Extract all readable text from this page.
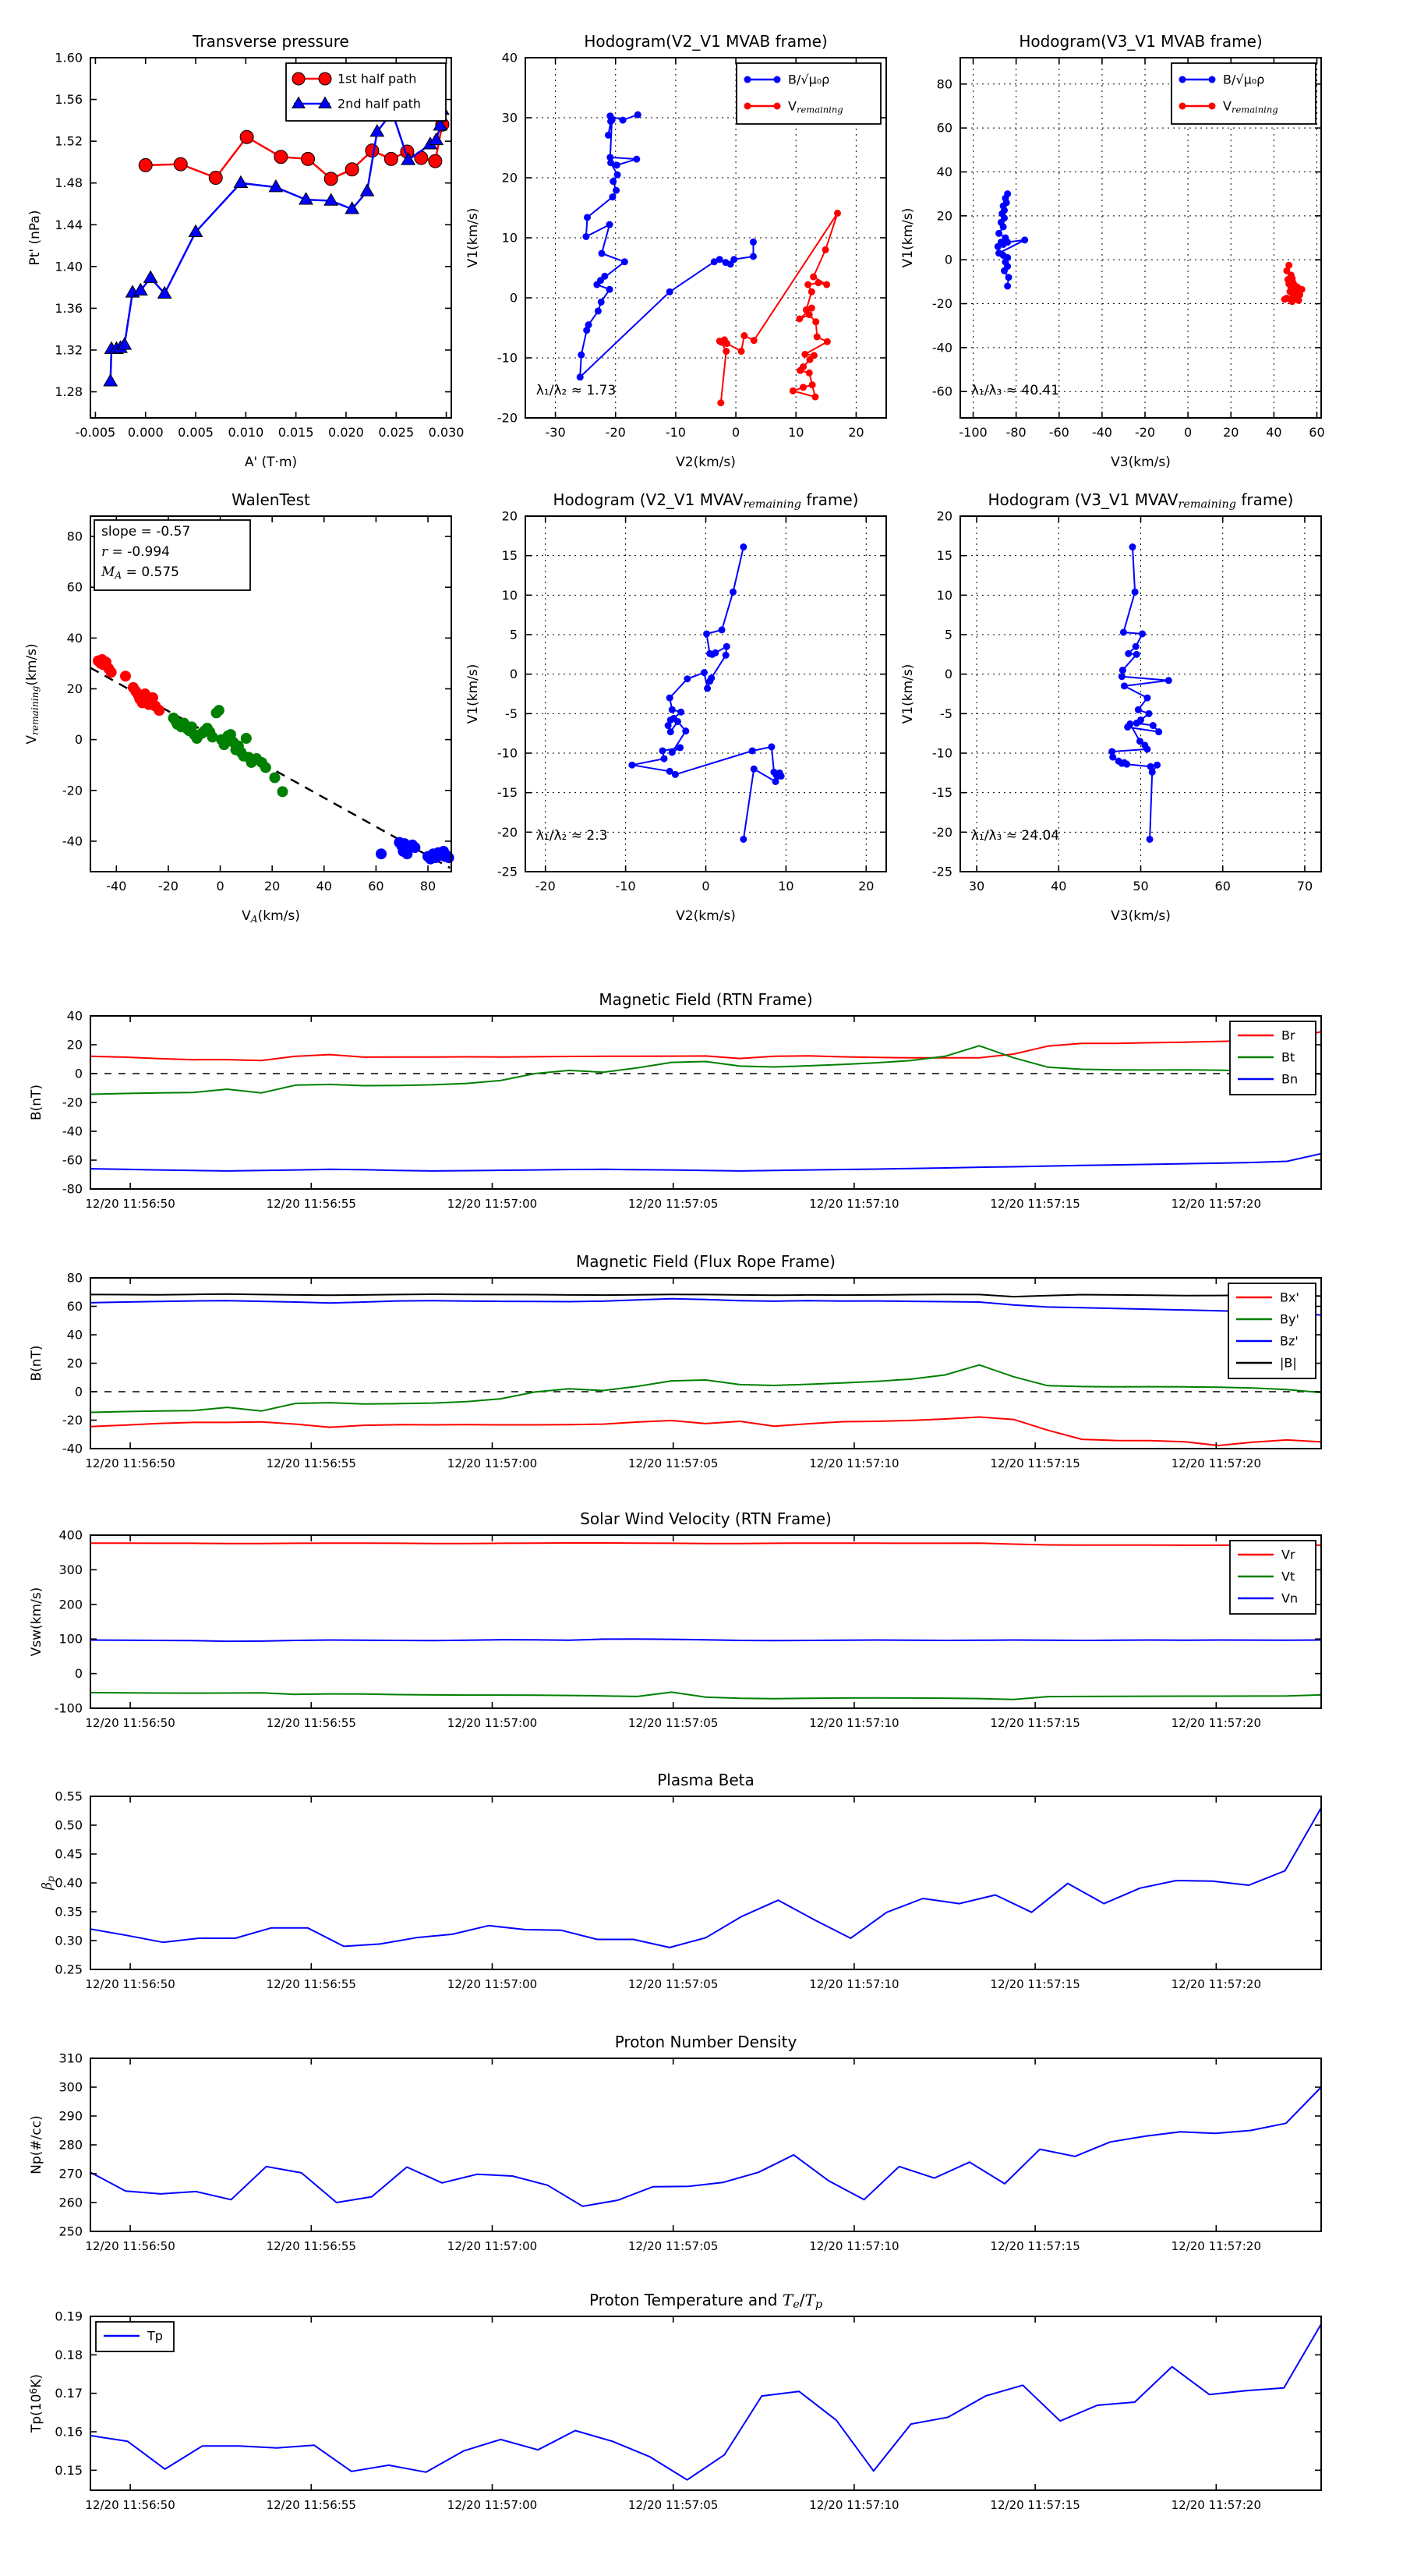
-0.005 0.000 0.005 0.010 0.015 0.020 0.025 0.030
1.28
1.32
1.36
1.40
1.44
1.48
1.52
1.56
1.60
Transverse pressure
A' (T·m)
Pt' (nPa)
1st half path
2nd half path
-30	-20	-10	0	10	20
-20
-10
0
10
20
30
40
Hodogram(V2_V1 MVAB frame)
V2(km/s)
V1(km/s)
B/√μ₀ρ
Vremaining
λ₁/λ₂ ≈ 1.73
-100 -80 -60 -40 -20 0 20 40 60
-60
-40
-20
0
20
40
60
80
Hodogram(V3_V1 MVAB frame)
V3(km/s)
V1(km/s)
B/√μ₀ρ
Vremaining
λ₁/λ₃ ≈ 40.41
-40	-20	0	20	40	60	80
-40
-20
0
20
40
60
80
WalenTest
VA(km/s)
Vremaining(km/s)
slope = -0.57
r = -0.994
MA = 0.575
-20	-10	0	10	20
-25
-20
-15
-10
-5
0
5
10
15
20
Hodogram (V2_V1 MVAVremaining frame)
V2(km/s)
V1(km/s)
λ₁/λ₂ ≈ 2.3
30	40	50	60	70
-25
-20
-15
-10
-5
0
5
10
15
20
Hodogram (V3_V1 MVAVremaining frame)
V3(km/s)
V1(km/s)
λ₁/λ₃ ≈ 24.04
12/20 11:56:50	12/20 11:56:55	12/20 11:57:00	12/20 11:57:05	12/20 11:57:10	12/20 11:57:15	12/20 11:57:20
-80
-60
-40
-20
0
20
40
Magnetic Field (RTN Frame)
B(nT)
Br
Bt
Bn
12/20 11:56:50	12/20 11:56:55	12/20 11:57:00	12/20 11:57:05	12/20 11:57:10	12/20 11:57:15	12/20 11:57:20
-40
-20
0
20
40
60
80
Magnetic Field (Flux Rope Frame)
B(nT)
Bx'
By'
Bz'
|B|
12/20 11:56:50	12/20 11:56:55	12/20 11:57:00	12/20 11:57:05	12/20 11:57:10	12/20 11:57:15	12/20 11:57:20
-100
0
100
200
300
400
Solar Wind Velocity (RTN Frame)
Vsw(km/s)
Vr
Vt
Vn
12/20 11:56:50	12/20 11:56:55	12/20 11:57:00	12/20 11:57:05	12/20 11:57:10	12/20 11:57:15	12/20 11:57:20
0.25
0.30
0.35
0.40
0.45
0.50
0.55
Plasma Beta
βp
12/20 11:56:50	12/20 11:56:55	12/20 11:57:00	12/20 11:57:05	12/20 11:57:10	12/20 11:57:15	12/20 11:57:20
250
260
270
280
290
300
310
Proton Number Density
Np(#/cc)
12/20 11:56:50	12/20 11:56:55	12/20 11:57:00	12/20 11:57:05	12/20 11:57:10	12/20 11:57:15	12/20 11:57:20
0.15
0.16
0.17
0.18
0.19
Proton Temperature and Te/Tp
Tp(106K)
Tp
